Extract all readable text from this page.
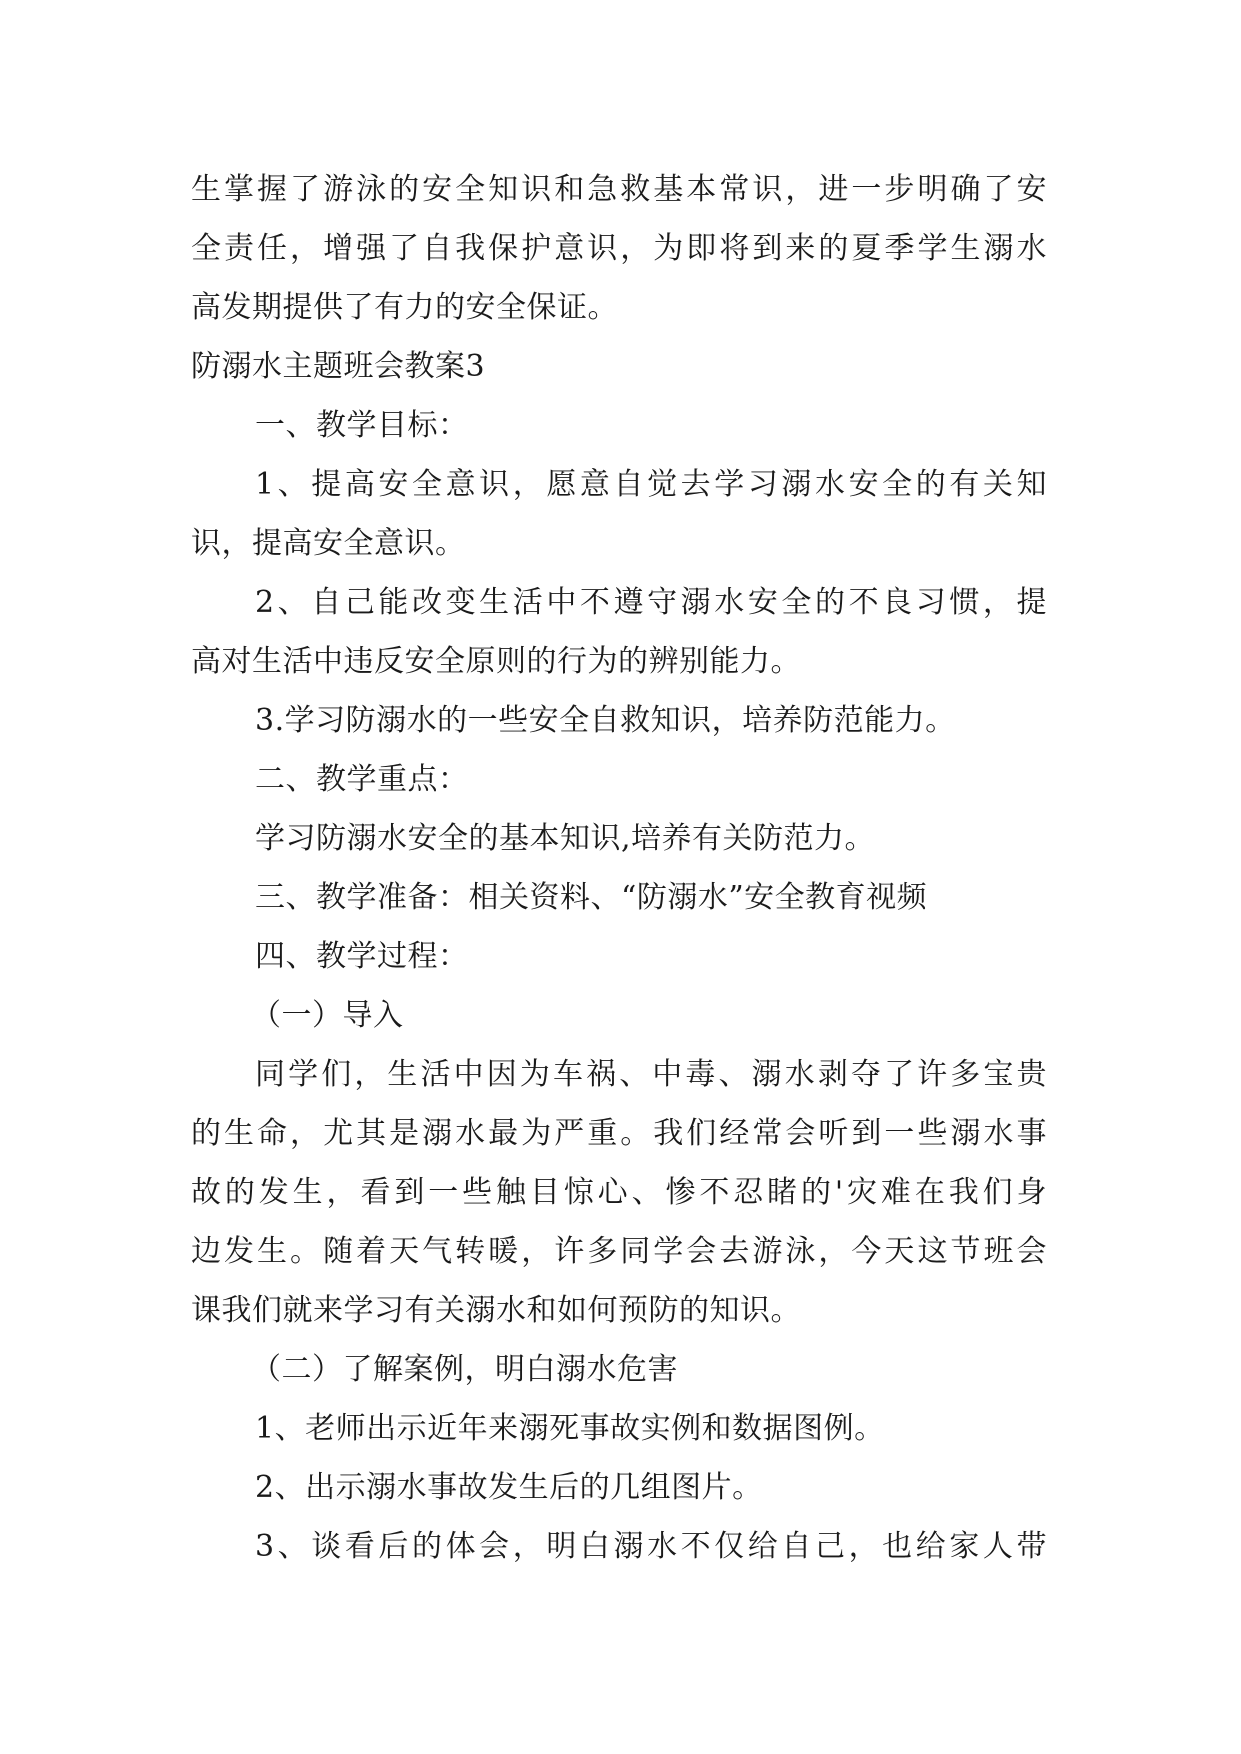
生掌握了游泳的安全知识和急救基本常识，进一步明确了安
全责任，增强了自我保护意识，为即将到来的夏季学生溺水
高发期提供了有力的安全保证。
防溺水主题班会教案3
一、教学目标：
1、提高安全意识，愿意自觉去学习溺水安全的有关知
识，提高安全意识。
2、自己能改变生活中不遵守溺水安全的不良习惯，提
高对生活中违反安全原则的行为的辨别能力。
3.学习防溺水的一些安全自救知识，培养防范能力。
二、教学重点：
学习防溺水安全的基本知识,培养有关防范力。
三、教学准备：相关资料、“防溺水”安全教育视频
四、教学过程：
（一）导入
同学们，生活中因为车祸、中毒、溺水剥夺了许多宝贵
的生命，尤其是溺水最为严重。我们经常会听到一些溺水事
故的发生，看到一些触目惊心、惨不忍睹的'灾难在我们身
边发生。随着天气转暖，许多同学会去游泳，今天这节班会
课我们就来学习有关溺水和如何预防的知识。
（二）了解案例，明白溺水危害
1、老师出示近年来溺死事故实例和数据图例。
2、出示溺水事故发生后的几组图片。
3、谈看后的体会，明白溺水不仅给自己，也给家人带
